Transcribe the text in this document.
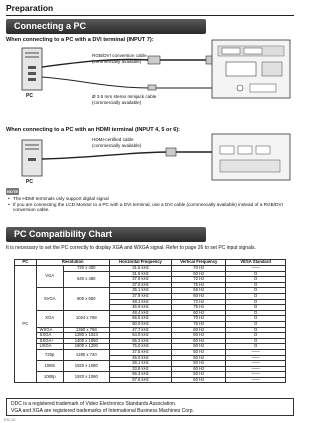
Preparation
Connecting a PC
When connecting to a PC with a DVI terminal (INPUT 7):
RGB/DVI conversion cable
(commercially available)
Ø 3.5 mm stereo minijack cable
(commercially available)
PC
When connecting to a PC with an HDMI terminal (INPUT 4, 5 or 6):
HDMI-certified cable
(commercially available)
PC
NOTE
• The HDMI terminals only support digital signal
• If you are connecting the LCD Monitor to a PC with a DVI terminal, use a DVI cable (commercially available) instead of a RGB/DVI conversion cable.
PC Compatibility Chart
It is necessary to set the PC correctly to display XGA and WXGA signal. Refer to page 26 to set PC input signals.
PC	Resolution		Horizontal Frequency	Vertical Frequency	VESA Standard
PC	VGA	720 x 400	31.5 kHz	70 Hz	——
		640 x 480	31.5 kHz	60 Hz	O
			37.9 kHz	72 Hz	O
			37.5 kHz	75 Hz	O
	SVGA	800 x 600	35.1 kHz	56 Hz	O
			37.9 kHz	60 Hz	O
			48.1 kHz	72 Hz	O
			46.9 kHz	75 Hz	O
	XGA	1024 x 768	48.4 kHz	60 Hz	O
			56.5 kHz	70 Hz	O
			60.0 kHz	75 Hz	O
	WXGA	1360 x 768	47.7 kHz	60 Hz	O
	SXGA	1280 x 1024	64.0 kHz	60 Hz	O
	SXGA+	1400 x 1050	65.3 kHz	60 Hz	O
	UXGA	1600 x 1200	75.0 kHz	60 Hz	O
	720p	1280 x 720	37.5 kHz	50 Hz	——
			45.0 kHz	60 Hz	——
	1080i	1920 x 1080	28.1 kHz	50 Hz	——
			33.8 kHz	60 Hz	——
	1080p	1920 x 1080	56.3 kHz	50 Hz	——
			67.5 kHz	60 Hz	——
DDC is a registered trademark of Video Electronics Standards Association.
VGA and XGA are registered trademarks of International Business Machines Corp.
EN-10
